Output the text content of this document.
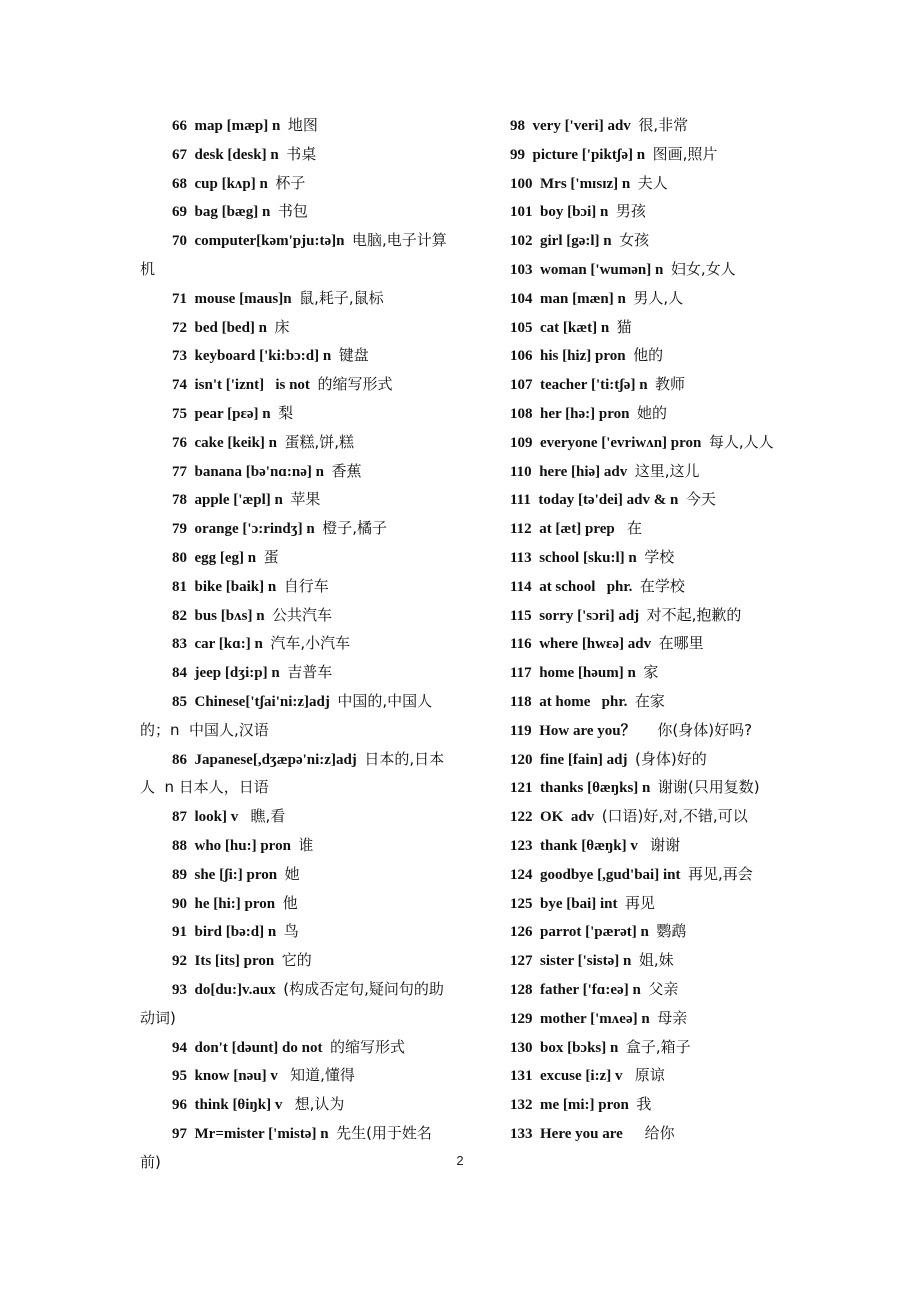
66 map [mæp] n 地图
67 desk [desk] n 书桌
68 cup [kʌp] n 杯子
69 bag [bæg] n 书包
70 computer[kəm'pju:tə]n 电脑,电子计算机
71 mouse [maus]n 鼠,耗子,鼠标
72 bed [bed] n 床
73 keyboard ['ki:bɔ:d] n 键盘
74 isn't ['iznt]   is not 的缩写形式
75 pear [pɛə] n 梨
76 cake [keik] n 蛋糕,饼,糕
77 banana [bə'nɑ:nə] n 香蕉
78 apple ['æpl] n 苹果
79 orange ['ɔ:rindʒ] n 橙子,橘子
80 egg [eg] n 蛋
81 bike [baik] n 自行车
82 bus [bʌs] n 公共汽车
83 car [kɑ:] n 汽车,小汽车
84 jeep [dʒi:p] n 吉普车
85 Chinese['tʃai'ni:z]adj 中国的,中国人的；n  中国人,汉语
86 Japanese[,dʒæpə'ni:z]adj 日本的,日本人  n 日本人，日语
87 look] v   瞧,看
88 who [hu:] pron 谁
89 she [ʃi:] pron 她
90 he [hi:] pron 他
91 bird [bə:d] n 鸟
92 Its [its] pron 它的
93 do[du:]v.aux (构成否定句,疑问句的助动词)
94 don't [dəunt] do not 的缩写形式
95 know [nəu] v   知道,懂得
96 think [θiŋk] v   想,认为
97 Mr=mister ['mistə] n 先生(用于姓名前)
98 very ['veri] adv 很,非常
99 picture ['piktʃə] n 图画,照片
100 Mrs ['mɪsɪz] n 夫人
101 boy [bɔi] n 男孩
102 girl [gə:l] n 女孩
103 woman ['wumən] n 妇女,女人
104 man [mæn] n 男人,人
105 cat [kæt] n 猫
106 his [hiz] pron 他的
107 teacher ['ti:tʃə] n 教师
108 her [hə:] pron 她的
109 everyone ['evriwʌn] pron 每人,人人
110 here [hiə] adv 这里,这儿
111 today [tə'dei] adv & n 今天
112 at [æt] prep   在
113 school [sku:l] n 学校
114 at school   phr. 在学校
115 sorry ['sɔri] adj 对不起,抱歉的
116 where [hwɛə] adv 在哪里
117 home [həum] n 家
118 at home   phr. 在家
119 How are you？     你(身体)好吗?
120 fine [fain] adj (身体)好的
121 thanks [θæŋks] n 谢谢(只用复数)
122 OK  adv (口语)好,对,不错,可以
123 thank [θæŋk] v   谢谢
124 goodbye [,gud'bai] int 再见,再会
125 bye [bai] int 再见
126 parrot ['pærət] n 鹦鹉
127 sister ['sistə] n 姐,妹
128 father ['fɑ:eə] n 父亲
129 mother ['mʌeə] n 母亲
130 box [bɔks] n 盒子,箱子
131 excuse [i:z] v   原谅
132 me [mi:] pron 我
133 Here you are     给你
2
